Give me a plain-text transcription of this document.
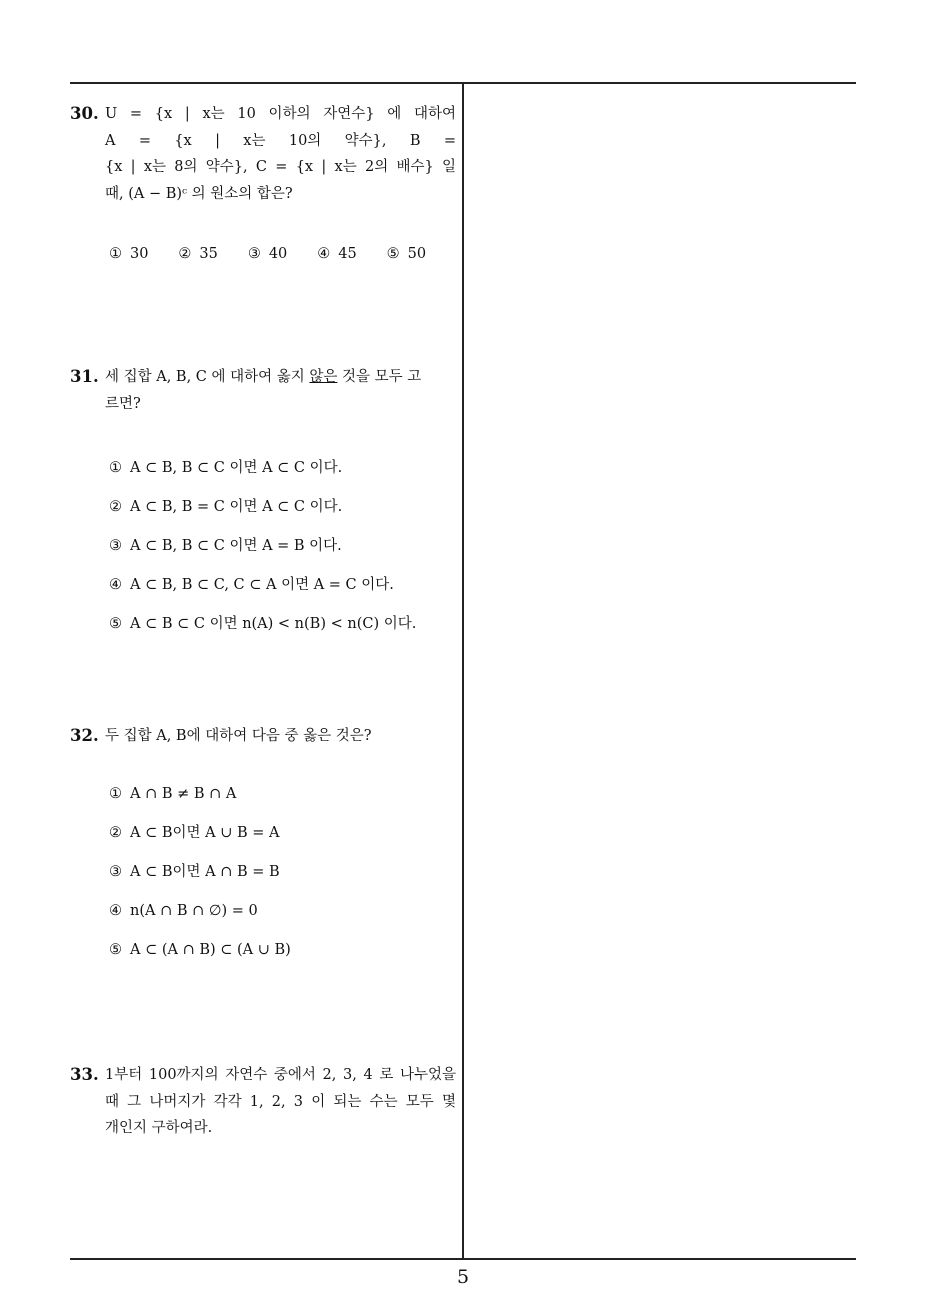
30. U = {x | x는 10 이하의 자연수} 에 대하여
A = {x | x는 10의 약수}, B =
{x | x는 8의 약수}, C = {x | x는 2의 배수} 일
때, (A − B)ᶜ 의 원소의 합은?
① 30	② 35	③ 40	④ 45	⑤ 50
31. 세 집합 A, B, C 에 대하여 옳지 않은 것을 모두 고
르면?
① A ⊂ B, B ⊂ C 이면 A ⊂ C 이다.
② A ⊂ B, B = C 이면 A ⊂ C 이다.
③ A ⊂ B, B ⊂ C 이면 A = B 이다.
④ A ⊂ B, B ⊂ C, C ⊂ A 이면 A = C 이다.
⑤ A ⊂ B ⊂ C 이면 n(A) < n(B) < n(C) 이다.
32. 두 집합 A, B에 대하여 다음 중 옳은 것은?
① A ∩ B ≠ B ∩ A
② A ⊂ B이면 A ∪ B = A
③ A ⊂ B이면 A ∩ B = B
④ n(A ∩ B ∩ ∅) = 0
⑤ A ⊂ (A ∩ B) ⊂ (A ∪ B)
33. 1부터 100까지의 자연수 중에서 2, 3, 4 로 나누었을
때 그 나머지가 각각 1, 2, 3 이 되는 수는 모두 몇
개인지 구하여라.
5
